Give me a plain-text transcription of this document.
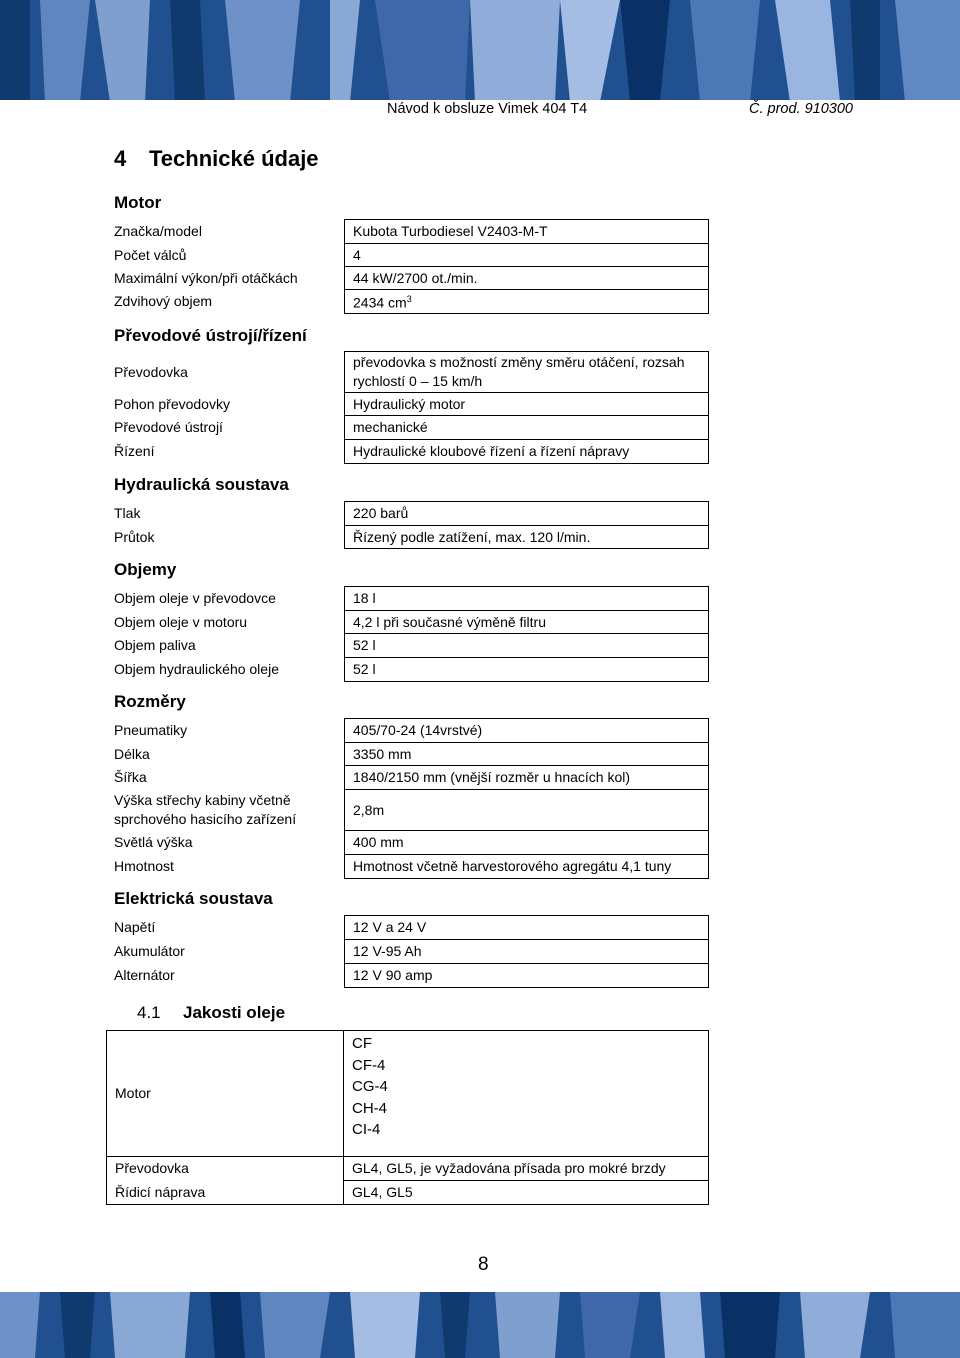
Návod k obsluze Vimek 404 T4	Č. prod. 910300
4 Technické údaje
Motor
Značka/model	Kubota Turbodiesel V2403-M-T
Počet válců	4
Maximální výkon/při otáčkách	44 kW/2700 ot./min.
Zdvihový objem	2434 $cm^3$
Převodové ústrojí/řízení
Převodovka	převodovka s možností změny směru otáčení, rozsah rychlostí 0 – 15 km/h
Pohon převodovky	Hydraulický motor
Převodové ústrojí	mechanické
Řízení	Hydraulické kloubové řízení a řízení nápravy
Hydraulická soustava
Tlak	220 barů
Průtok	Řízený podle zatížení, max. 120 l/min.
Objemy
Objem oleje v převodovce	18 l
Objem oleje v motoru	4,2 l při současné výměně filtru
Objem paliva	52 l
Objem hydraulického oleje	52 l
Rozměry
Pneumatiky	405/70-24 (14vrstvé)
Délka	3350 mm
Šířka	1840/2150 mm (vnější rozměr u hnacích kol)
Výška střechy kabiny včetně sprchového hasicího zařízení	2,8m
Světlá výška	400 mm
Hmotnost	Hmotnost včetně harvestorového agregátu 4,1 tuny
Elektrická soustava
Napětí	12 V a 24 V
Akumulátor	12 V-95 Ah
Alternátor	12 V 90 amp
4.1 Jakosti oleje
Motor	CF
CF-4
CG-4
CH-4
CI-4

Převodovka	GL4, GL5, je vyžadována přísada pro mokré brzdy
Řídicí náprava	GL4, GL5
8
